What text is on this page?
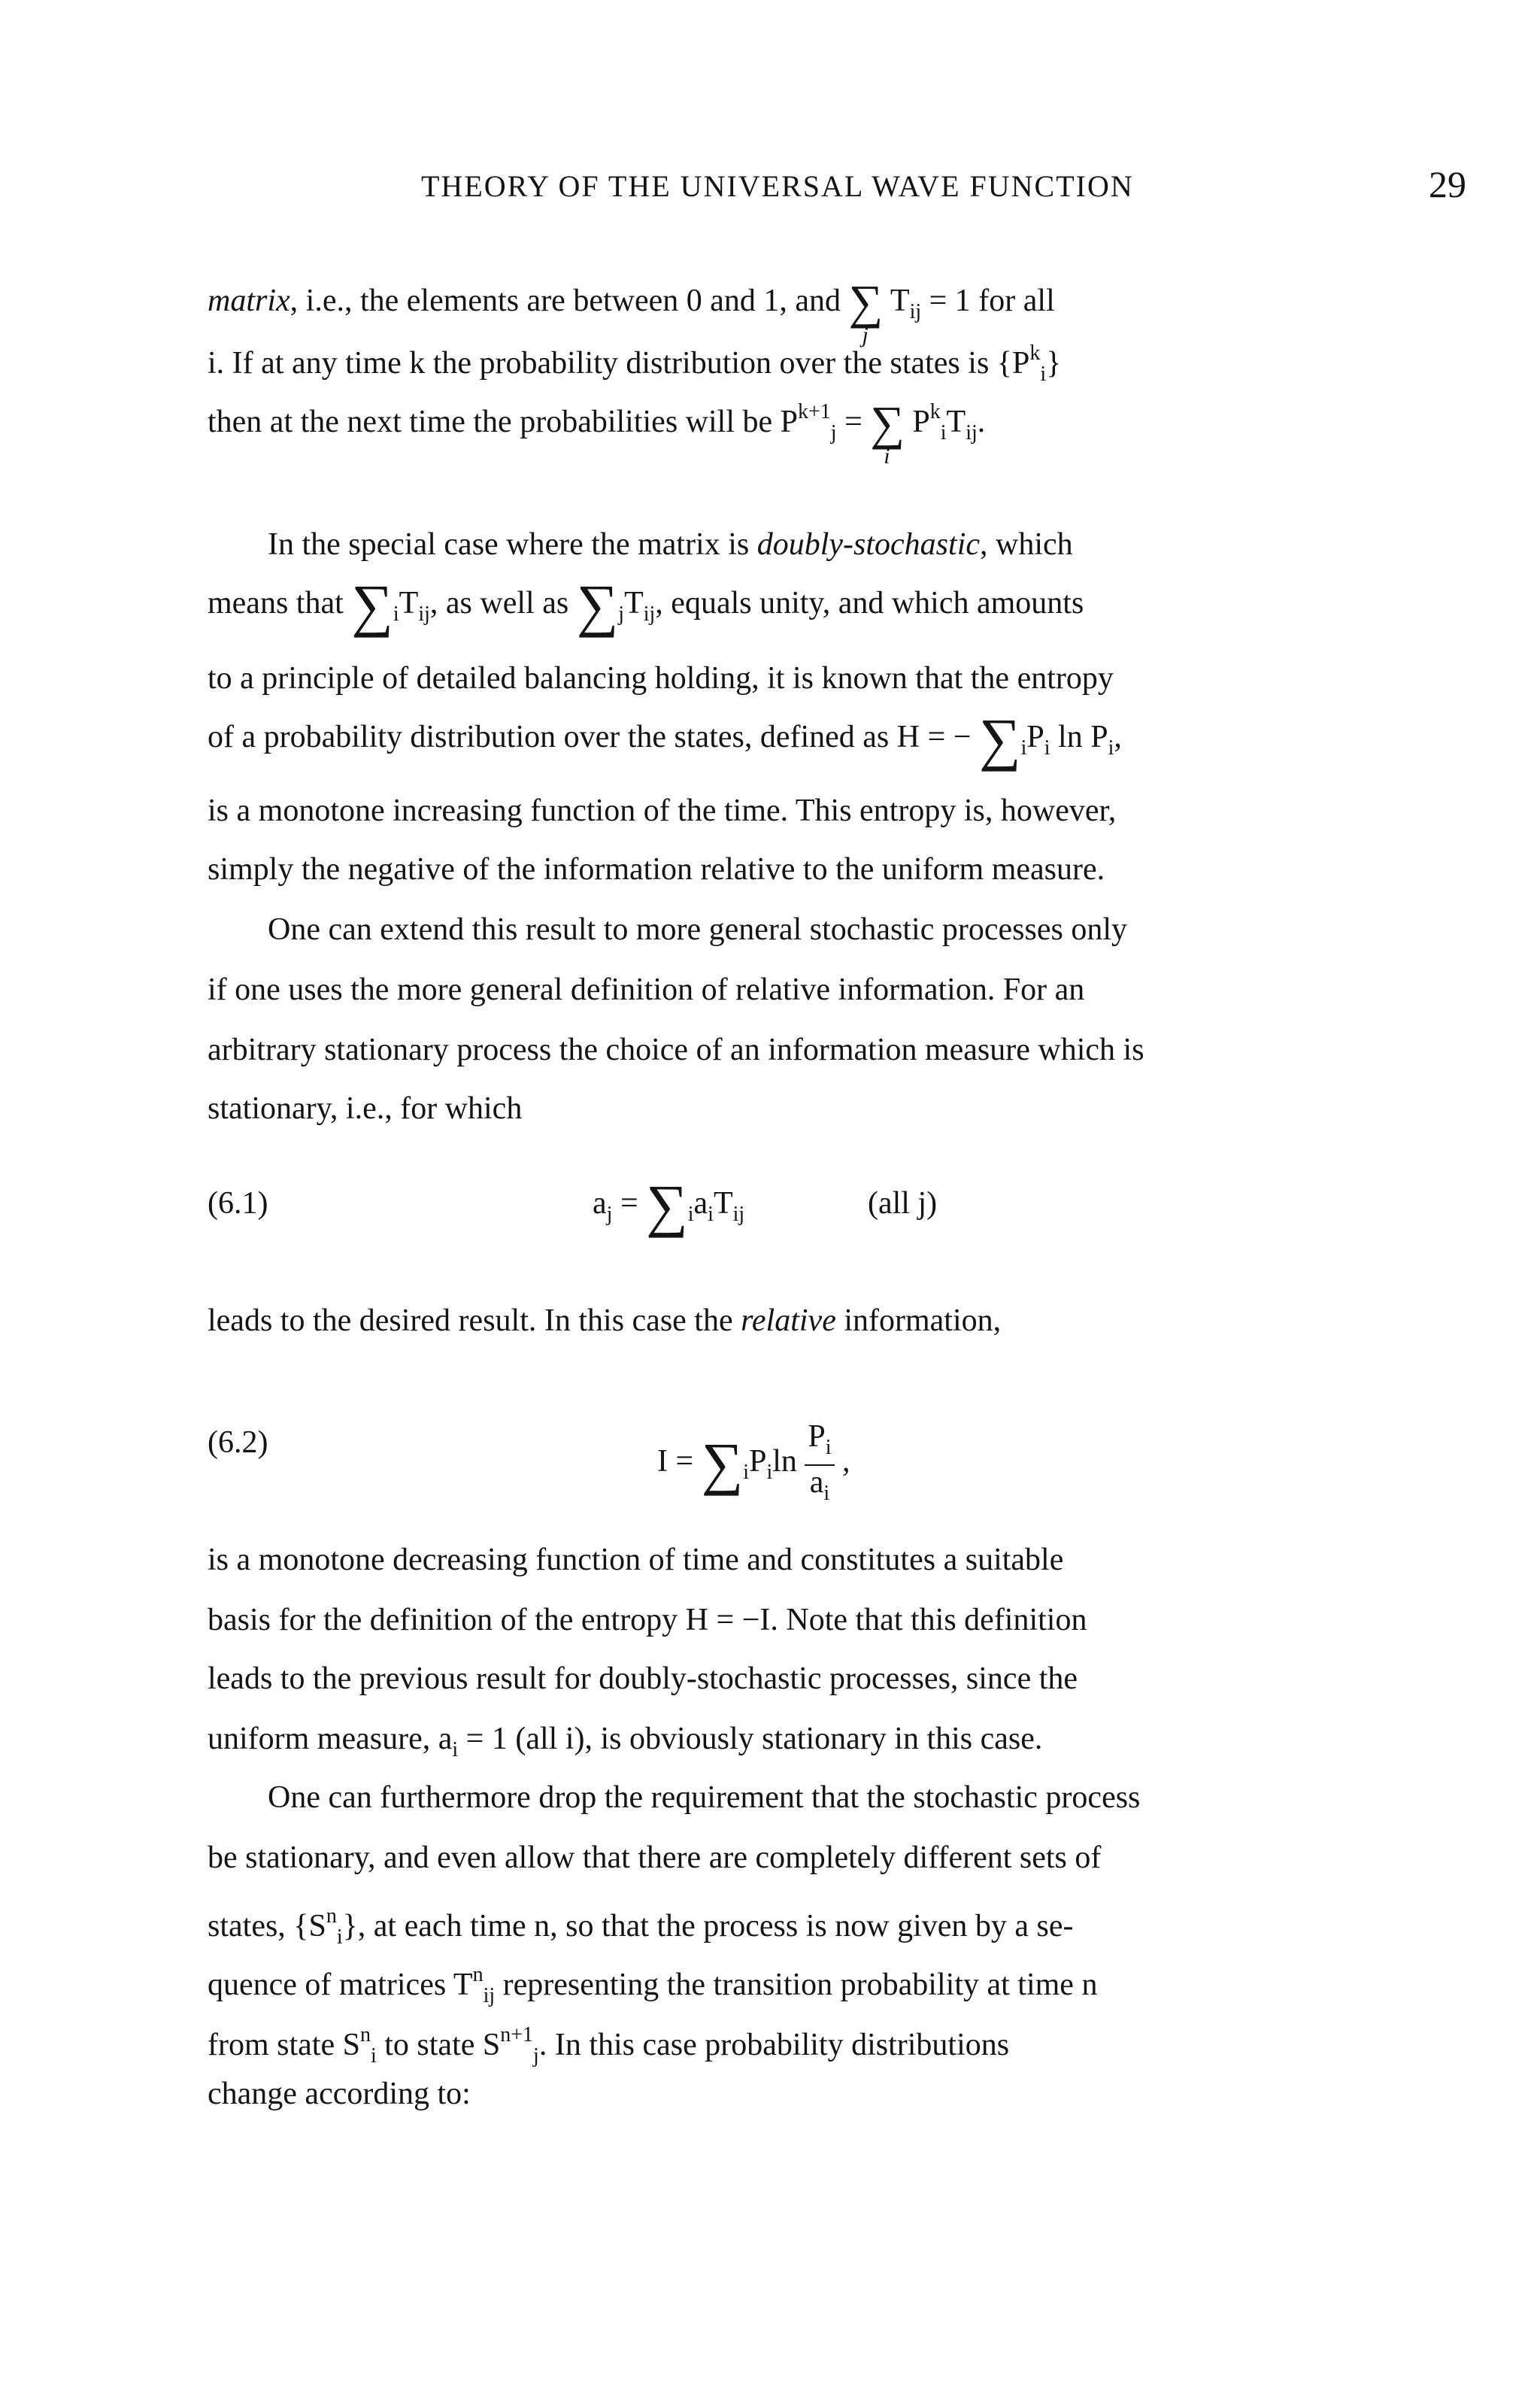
THEORY OF THE UNIVERSAL WAVE FUNCTION	29
matrix, i.e., the elements are between 0 and 1, and ∑
j
$T_{ij} = 1$ for all
i. If at any time k the probability distribution over the states is $\{P^k_i\}$
then at the next time the probabilities will be $P^{k+1}_j$ = ∑
i
$P^k_iT_{ij}$.
In the special case where the matrix is doubly-stochastic, which
means that $\sum_iT_{ij}$, as well as $\sum_jT_{ij}$, equals unity, and which amounts
to a principle of detailed balancing holding, it is known that the entropy
of a probability distribution over the states, defined as H = − $\sum_iP_i$ $\ln P_i$,
is a monotone increasing function of the time. This entropy is, however,
simply the negative of the information relative to the uniform measure.
One can extend this result to more general stochastic processes only
if one uses the more general definition of relative information. For an
arbitrary stationary process the choice of an information measure which is
stationary, i.e., for which
(6.1)	$a_j = \sum_ia_iT_{ij}$	(all j)
leads to the desired result. In this case the relative information,
(6.2)
$I = \sum_iP_i\ln \frac{P_i}{a_i}$ ,
is a monotone decreasing function of time and constitutes a suitable
basis for the definition of the entropy H = −I. Note that this definition
leads to the previous result for doubly-stochastic processes, since the
uniform measure, $a_i = 1$ (all i), is obviously stationary in this case.
One can furthermore drop the requirement that the stochastic process
be stationary, and even allow that there are completely different sets of
states, $\{S^n_i\}$, at each time n, so that the process is now given by a se-
quence of matrices $T^n_{ij}$ representing the transition probability at time n
from state $S^n_i$ to state $S^{n+1}_j$. In this case probability distributions
change according to:
